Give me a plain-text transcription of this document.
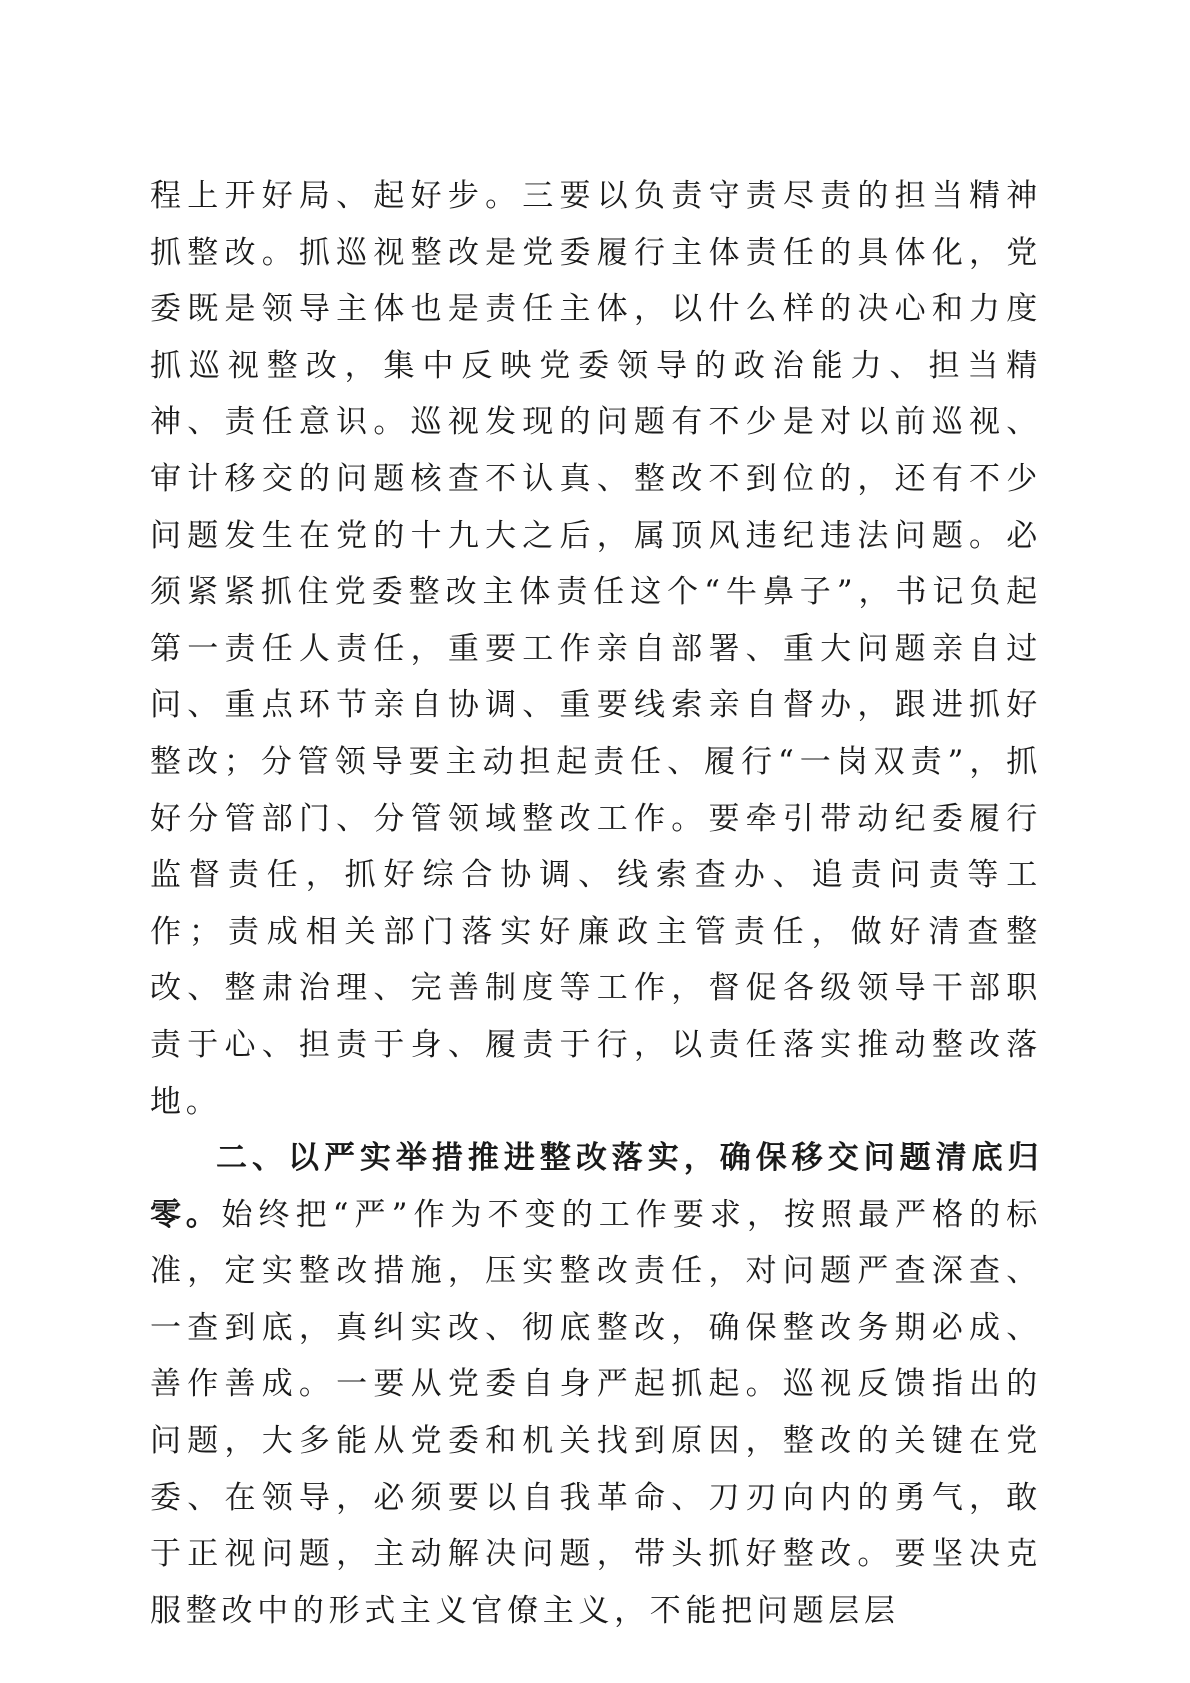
程上开好局、起好步。三要以负责守责尽责的担当精神抓整改。抓巡视整改是党委履行主体责任的具体化，党委既是领导主体也是责任主体，以什么样的决心和力度抓巡视整改，集中反映党委领导的政治能力、担当精神、责任意识。巡视发现的问题有不少是对以前巡视、审计移交的问题核查不认真、整改不到位的，还有不少问题发生在党的十九大之后，属顶风违纪违法问题。必须紧紧抓住党委整改主体责任这个“牛鼻子”，书记负起第一责任人责任，重要工作亲自部署、重大问题亲自过问、重点环节亲自协调、重要线索亲自督办，跟进抓好整改；分管领导要主动担起责任、履行“一岗双责”，抓好分管部门、分管领域整改工作。要牵引带动纪委履行监督责任，抓好综合协调、线索查办、追责问责等工作；责成相关部门落实好廉政主管责任，做好清查整改、整肃治理、完善制度等工作，督促各级领导干部职责于心、担责于身、履责于行，以责任落实推动整改落地。

二、以严实举措推进整改落实，确保移交问题清底归零。始终把“严”作为不变的工作要求，按照最严格的标准，定实整改措施，压实整改责任，对问题严查深查、一查到底，真纠实改、彻底整改，确保整改务期必成、善作善成。一要从党委自身严起抓起。巡视反馈指出的问题，大多能从党委和机关找到原因，整改的关键在党委、在领导，必须要以自我革命、刀刃向内的勇气，敢于正视问题，主动解决问题，带头抓好整改。要坚决克服整改中的形式主义官僚主义，不能把问题层层
